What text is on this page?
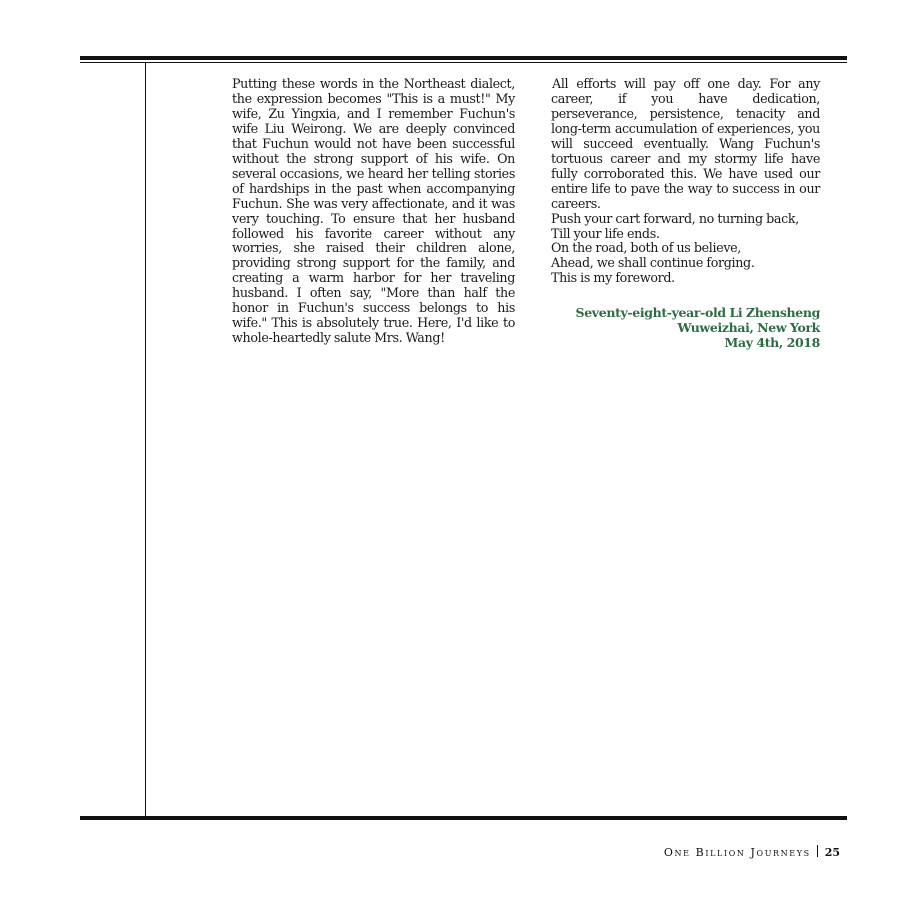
Putting these words in the Northeast dialect, the expression becomes "This is a must!" My wife, Zu Yingxia, and I remember Fuchun's wife Liu Weirong. We are deeply convinced that Fuchun would not have been successful without the strong support of his wife. On several occasions, we heard her telling stories of hardships in the past when accompanying Fuchun. She was very affectionate, and it was very touching. To ensure that her husband followed his favorite career without any worries, she raised their children alone, providing strong support for the family, and creating a warm harbor for her traveling husband. I often say, "More than half the honor in Fuchun's success belongs to his wife." This is absolutely true. Here, I'd like to whole-heartedly salute Mrs. Wang!

All efforts will pay off one day. For any career, if you have dedication, perseverance, persistence, tenacity and long-term accumulation of experiences, you will succeed eventually. Wang Fuchun's tortuous career and my stormy life have fully corroborated this. We have used our entire life to pave the way to success in our careers.

Push your cart forward, no turning back,

Till your life ends.

On the road, both of us believe,

Ahead, we shall continue forging.

This is my foreword.

Seventy-eight-year-old Li Zhensheng
Wuweizhai, New York
May 4th, 2018
One Billion Journeys 25
